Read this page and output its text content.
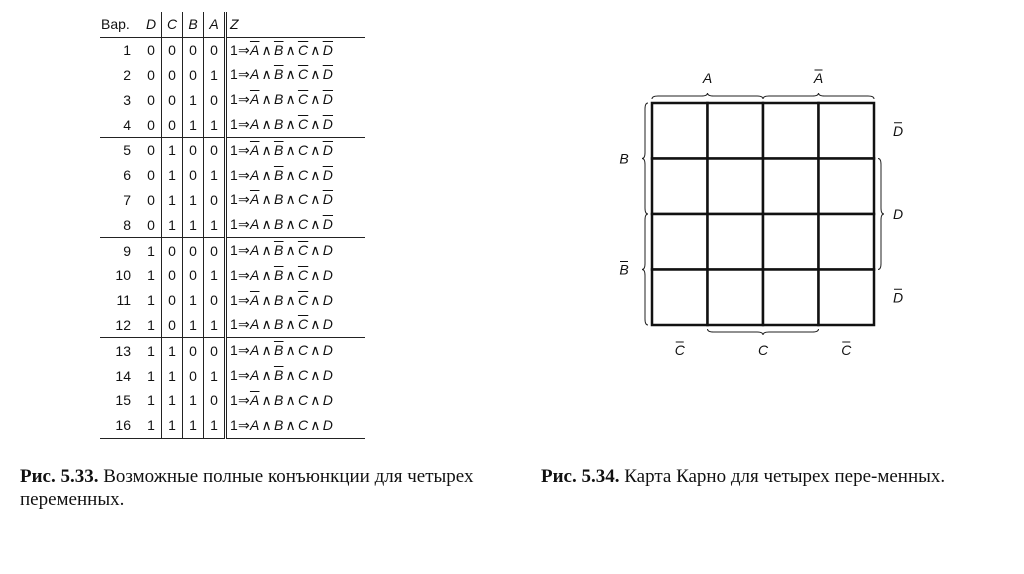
Вар.	D	C	B	A	Z
1	0	0	0	0	$1\Rightarrow\overline{A}$ ∧ $\overline{B}$ ∧ $\overline{C}$ ∧ $\overline{D}$
2	0	0	0	1	1⇒A ∧ $\overline{B}$ ∧ $\overline{C}$ ∧ $\overline{D}$
3	0	0	1	0	$1\Rightarrow\overline{A}$ ∧ B ∧ $\overline{C}$ ∧ $\overline{D}$
4	0	0	1	1	1⇒A ∧ B ∧ $\overline{C}$ ∧ $\overline{D}$
5	0	1	0	0	$1\Rightarrow\overline{A}$ ∧ $\overline{B}$ ∧ C ∧ $\overline{D}$
6	0	1	0	1	1⇒A ∧ $\overline{B}$ ∧ C ∧ $\overline{D}$
7	0	1	1	0	$1\Rightarrow\overline{A}$ ∧ B ∧ C ∧ $\overline{D}$
8	0	1	1	1	1⇒A ∧ B ∧ C ∧ $\overline{D}$
9	1	0	0	0	1⇒A ∧ $\overline{B}$ ∧ $\overline{C}$ ∧ D
10	1	0	0	1	1⇒A ∧ $\overline{B}$ ∧ $\overline{C}$ ∧ D
11	1	0	1	0	$1\Rightarrow\overline{A}$ ∧ B ∧ $\overline{C}$ ∧ D
12	1	0	1	1	1⇒A ∧ B ∧ $\overline{C}$ ∧ D
13	1	1	0	0	1⇒A ∧ $\overline{B}$ ∧ C ∧ D
14	1	1	0	1	1⇒A ∧ $\overline{B}$ ∧ C ∧ D
15	1	1	1	0	$1\Rightarrow\overline{A}$ ∧ B ∧ C ∧ D
16	1	1	1	1	1⇒A ∧ B ∧ C ∧ D
A	A
B
B
D
D
D
C	C	C

Рис. 5.33. Возможные полные конъюнкции для четырех переменных.

Рис. 5.34. Карта Карно для четырех пере-менных.
